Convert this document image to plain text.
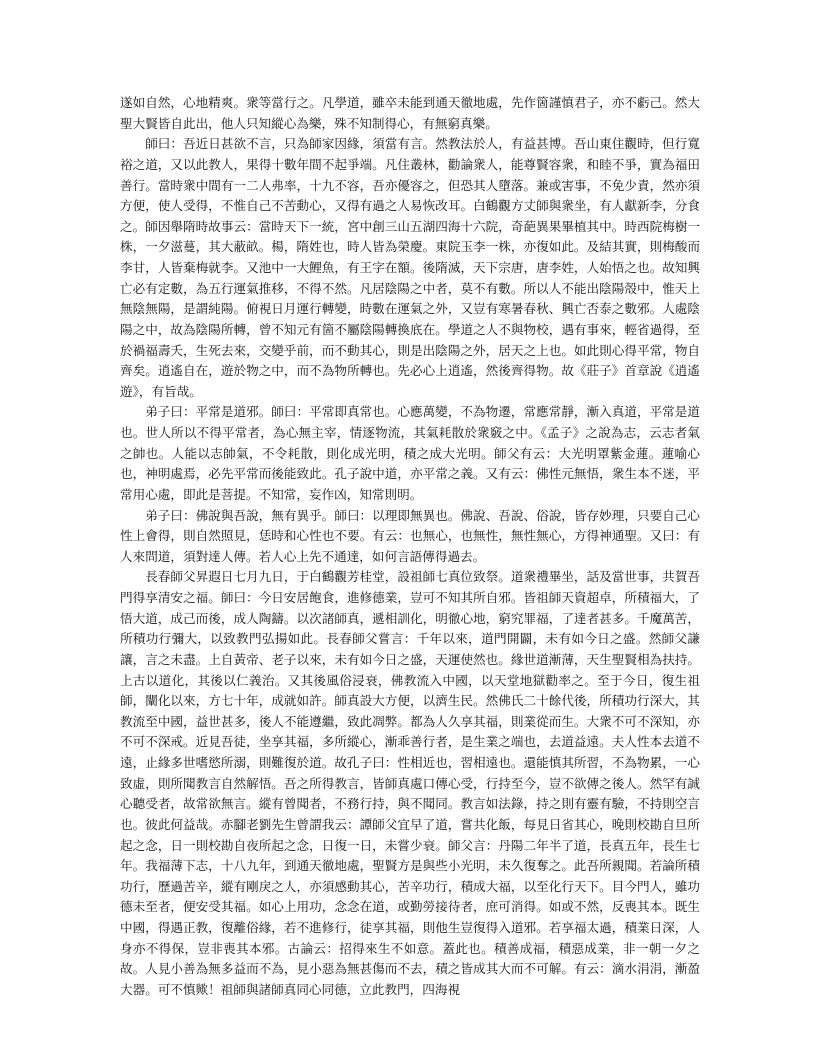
遂如自然，心地精爽。衆等當行之。凡學道，雖卒未能到通天徹地處，先作箇謹慎君子，亦不虧己。然大聖大賢皆自此出，他人只知縱心為樂，殊不知制得心，有無窮真樂。

師曰：吾近日甚欲不言，只為師家因緣，須當有言。然教法於人，有益甚博。吾山東住觀時，但行寬裕之道，又以此教人，果得十數年間不起爭端。凡住叢林，勸論衆人，能尊賢容衆，和睦不爭，實為福田善行。當時衆中間有一二人弗率，十九不容，吾亦優容之，但恐其人墮落。兼或害事，不免少責，然亦須方便，使人受得，不惟自己不苦動心，又得有過之人易恢改耳。白鶴觀方丈師與衆坐，有人獻新李，分食之。師因舉隋時故事云：當時天下一統，宮中創三山五湖四海十六院，奇葩異果畢植其中。時西院梅樹一株，一夕滋蔓，其大蔽畝。楊，隋姓也，時人皆為榮慶。東院玉李一株，亦復如此。及結其實，則梅酸而李甘，人皆棄梅就李。又池中一大鯉魚，有王字在額。後隋滅，天下宗唐，唐李姓，人始悟之也。故知興亡必有定數，為五行運氣推移，不得不然。凡居陰陽之中者，莫不有數。所以人不能出陰陽殼中，惟天上無陰無陽，是謂純陽。俯視日月運行轉變，時數在運氣之外，又豈有寒暑春秋、興亡否泰之數邪。人處陰陽之中，故為陰陽所轉，曾不知元有箇不屬陰陽轉換底在。學道之人不與物校，遇有事來，輕省過得，至於禍福壽夭，生死去來，交變乎前，而不動其心，則是出陰陽之外，居天之上也。如此則心得平常，物自齊矣。逍遙自在，遊於物之中，而不為物所轉也。先必心上逍遙，然後齊得物。故《莊子》首章說《逍遙遊》，有旨哉。

弟子曰：平常是道邪。師曰：平常即真常也。心應萬變，不為物遷，常應常靜，漸入真道，平常是道也。世人所以不得平常者，為心無主宰，情逐物流，其氣耗散於衆竅之中。《孟子》之說為志，云志者氣之帥也。人能以志帥氣，不令耗散，則化成光明，積之成大光明。師父有云：大光明罩紫金蓮。蓮喻心也，神明處焉，必先平常而後能致此。孔子說中道，亦平常之義。又有云：佛性元無悟，衆生本不迷，平常用心處，即此是菩提。不知常，妄作凶，知常則明。

弟子曰：佛說與吾說，無有異乎。師曰：以理即無異也。佛說、吾說、俗說，皆存妙理，只要自己心性上會得，則自然照見，恁時和心性也不要。有云：也無心，也無性，無性無心，方得神通聖。又曰：有人來問道，須對達人傳。若人心上先不通達，如何言語傳得過去。

長春師父昇遐日七月九日，于白鶴觀芳桂堂，設祖師七真位致祭。道衆禮畢坐，話及當世事，共賀吾門得享清安之福。師曰：今日安居飽食，進修德業，豈可不知其所自邪。皆祖師天資超卓，所積福大，了悟大道，成己而後，成人陶鑄。以次諸師真，遞相訓化，明徹心地，窮究罪福，了達者甚多。千魔萬苦，所積功行彌大，以致教門弘揚如此。長春師父嘗言：千年以來，道門開闢，未有如今日之盛。然師父謙讓，言之未盡。上自黃帝、老子以來，未有如今日之盛，天運使然也。緣世道漸薄，天生聖賢相為扶持。上古以道化，其後以仁義治。又其後風俗浸衰，佛教流入中國，以天堂地獄勸率之。至于今日，復生祖師，闡化以來，方七十年，成就如許。師真設大方便，以濟生民。然佛氏二十餘代後，所積功行深大，其教流至中國，益世甚多，後人不能遵繼，致此凋弊。都為人久享其福，則業從而生。大衆不可不深知，亦不可不深戒。近見吾徒，坐享其福，多所縱心，漸乖善行者，是生業之端也，去道益遠。夫人性本去道不遠，止緣多世嗜慾所溺，則難復於道。故孔子曰：性相近也，習相遠也。還能慎其所習，不為物累，一心致虛，則所聞教言自然解悟。吾之所得教言，皆師真處口傳心受，行持至今，豈不欲傳之後人。然罕有誠心聽受者，故常欲無言。縱有曾聞者，不務行持，與不聞同。教言如法錄，持之則有靈有驗，不持則空言也。彼此何益哉。赤腳老劉先生曾謂我云：譚師父宜早了道，嘗共化飯，每見日省其心，晚則校勘自旦所起之念，日一則校勘自夜所起之念，日復一日，未嘗少衰。師父言：丹陽二年半了道，長真五年，長生七年。我福薄下志，十八九年，到通天徹地處，聖賢方是與些小光明，未久復奪之。此吾所親聞。若論所積功行，歷過苦辛，縱有剛戾之人，亦須感動其心，苦辛功行，積成大福，以至化行天下。目今門人，雖功德未至者，便安受其福。如心上用功，念念在道，或勤勞接待者，庶可消得。如或不然，反喪其本。既生中國，得遇正教，復離俗緣，若不進修行，徒享其福，則他生豈復得入道邪。若享福太過，積業日深，人身亦不得保，豈非喪其本邪。古論云：招得來生不如意。蓋此也。積善成福，積惡成業，非一朝一夕之故。人見小善為無多益而不為，見小惡為無甚傷而不去，積之皆成其大而不可解。有云：滴水涓涓，漸盈大器。可不慎歟！祖師與諸師真同心同德，立此教門，四海視
